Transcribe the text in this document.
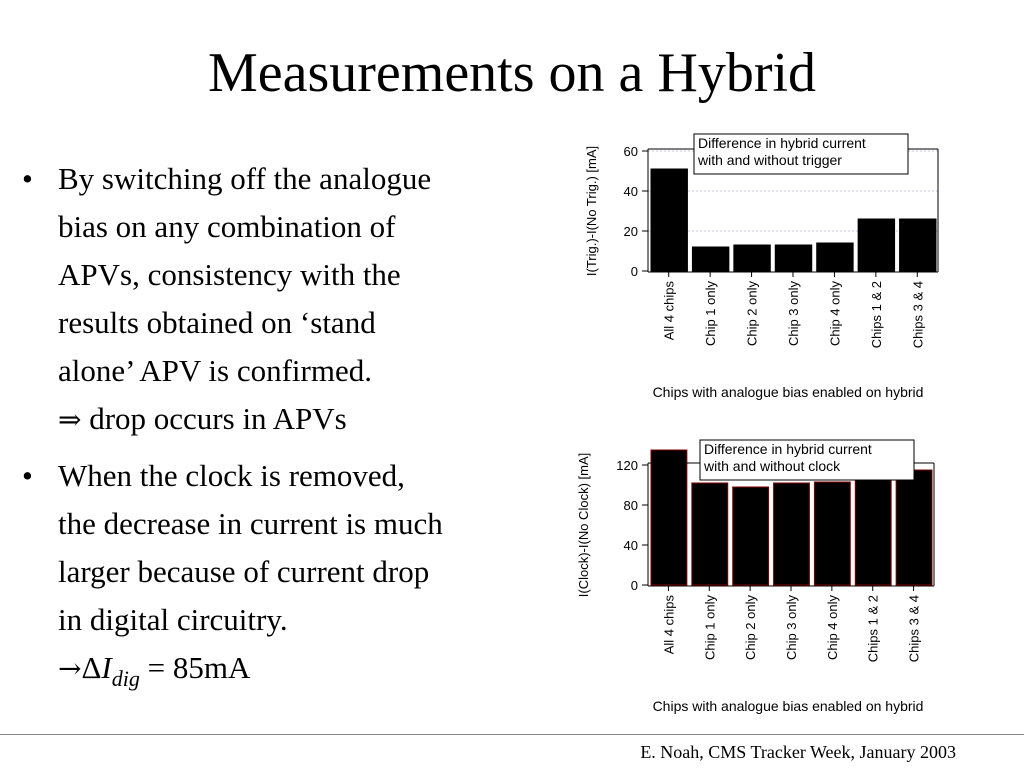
Measurements on a Hybrid
• By switching off the analogue
bias on any combination of
APVs, consistency with the
results obtained on ‘stand
alone’ APV is confirmed.
⇒ drop occurs in APVs
• When the clock is removed,
the decrease in current is much
larger because of current drop
in digital circuitry.
$\to\Delta I_{dig} = 85mA$
All 4 chips Chip 1 only Chip 2 only Chip 3 only Chip 4 only Chips 1 & 2 Chips 3 & 4
0
20
40
60
I(Trig.)-I(No Trig.) [mA]
Chips with analogue bias enabled on hybrid
Difference in hybrid current
with and without trigger
All 4 chips Chip 1 only Chip 2 only Chip 3 only Chip 4 only Chips 1 & 2 Chips 3 & 4
0
40
80
120
I(Clock)-I(No Clock) [mA]
Chips with analogue bias enabled on hybrid
Difference in hybrid current
with and without clock
E. Noah, CMS Tracker Week, January 2003
